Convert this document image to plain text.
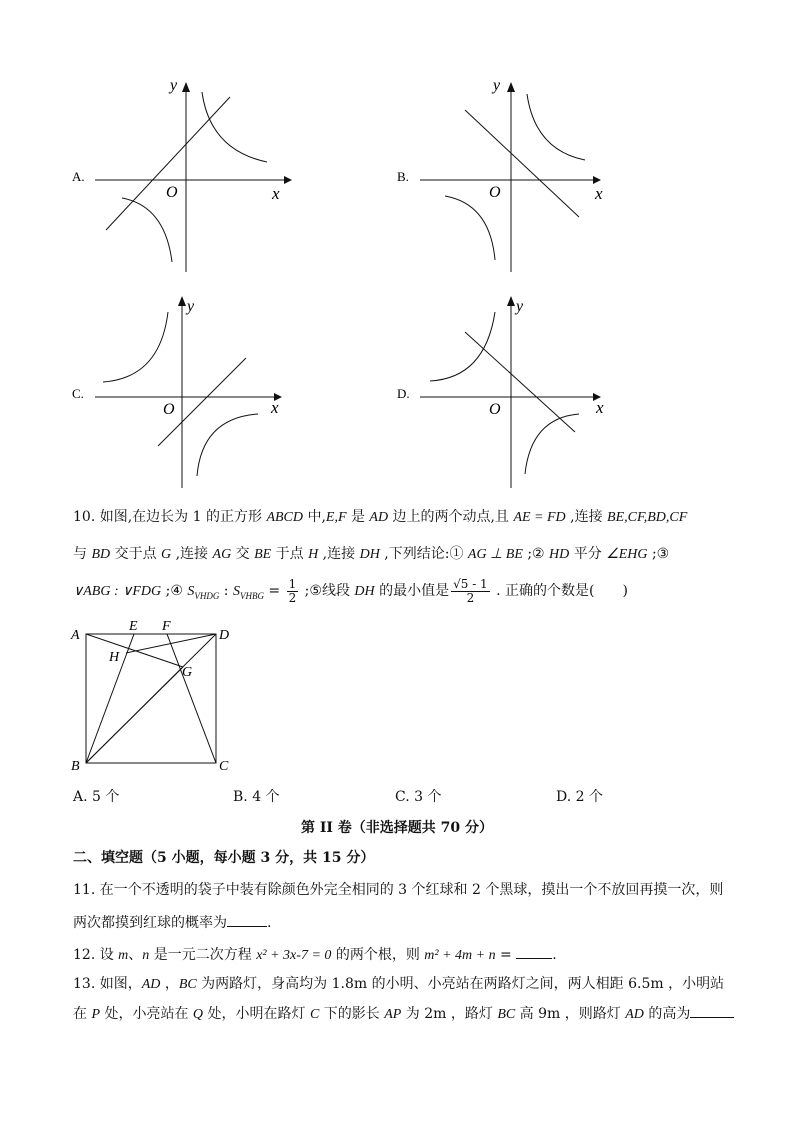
A.
y
x
O
B.
y
x
O
C.
y
x
O
D.
y
x
O
10. 如图,在边长为 1 的正方形 ABCD 中,E,F 是 AD 边上的两个动点,且 AE = FD ,连接 BE,CF,BD,CF
与 BD 交于点 G ,连接 AG 交 BE 于点 H ,连接 DH ,下列结论:① AG ⊥ BE ;② HD 平分 ∠EHG ;③
∨ABG : ∨FDG ;④ $S_{VHDG}$ : $S_{VHBG} = \frac{1}{2}$ ;⑤线段 DH 的最小值是 $\frac{√5 - 1}{2}$ . 正确的个数是(　　)
A
E F
D
H
G
B	C
A. 5 个	B. 4 个	C. 3 个	D. 2 个
第 II 卷（非选择题共 70 分）
二、填空题（5 小题，每小题 3 分，共 15 分）
11. 在一个不透明的袋子中装有除颜色外完全相同的 3 个红球和 2 个黑球，摸出一个不放回再摸一次，则
两次都摸到红球的概率为	.
12. 设 m、n 是一元二次方程 x² + 3x-7 = 0 的两个根，则 m² + 4m + n =	.
13. 如图，AD ，BC 为两路灯，身高均为 1.8m 的小明、小亮站在两路灯之间，两人相距 6.5m ，小明站
在 P 处，小亮站在 Q 处，小明在路灯 C 下的影长 AP 为 2m ，路灯 BC 高 9m ，则路灯 AD 的高为
